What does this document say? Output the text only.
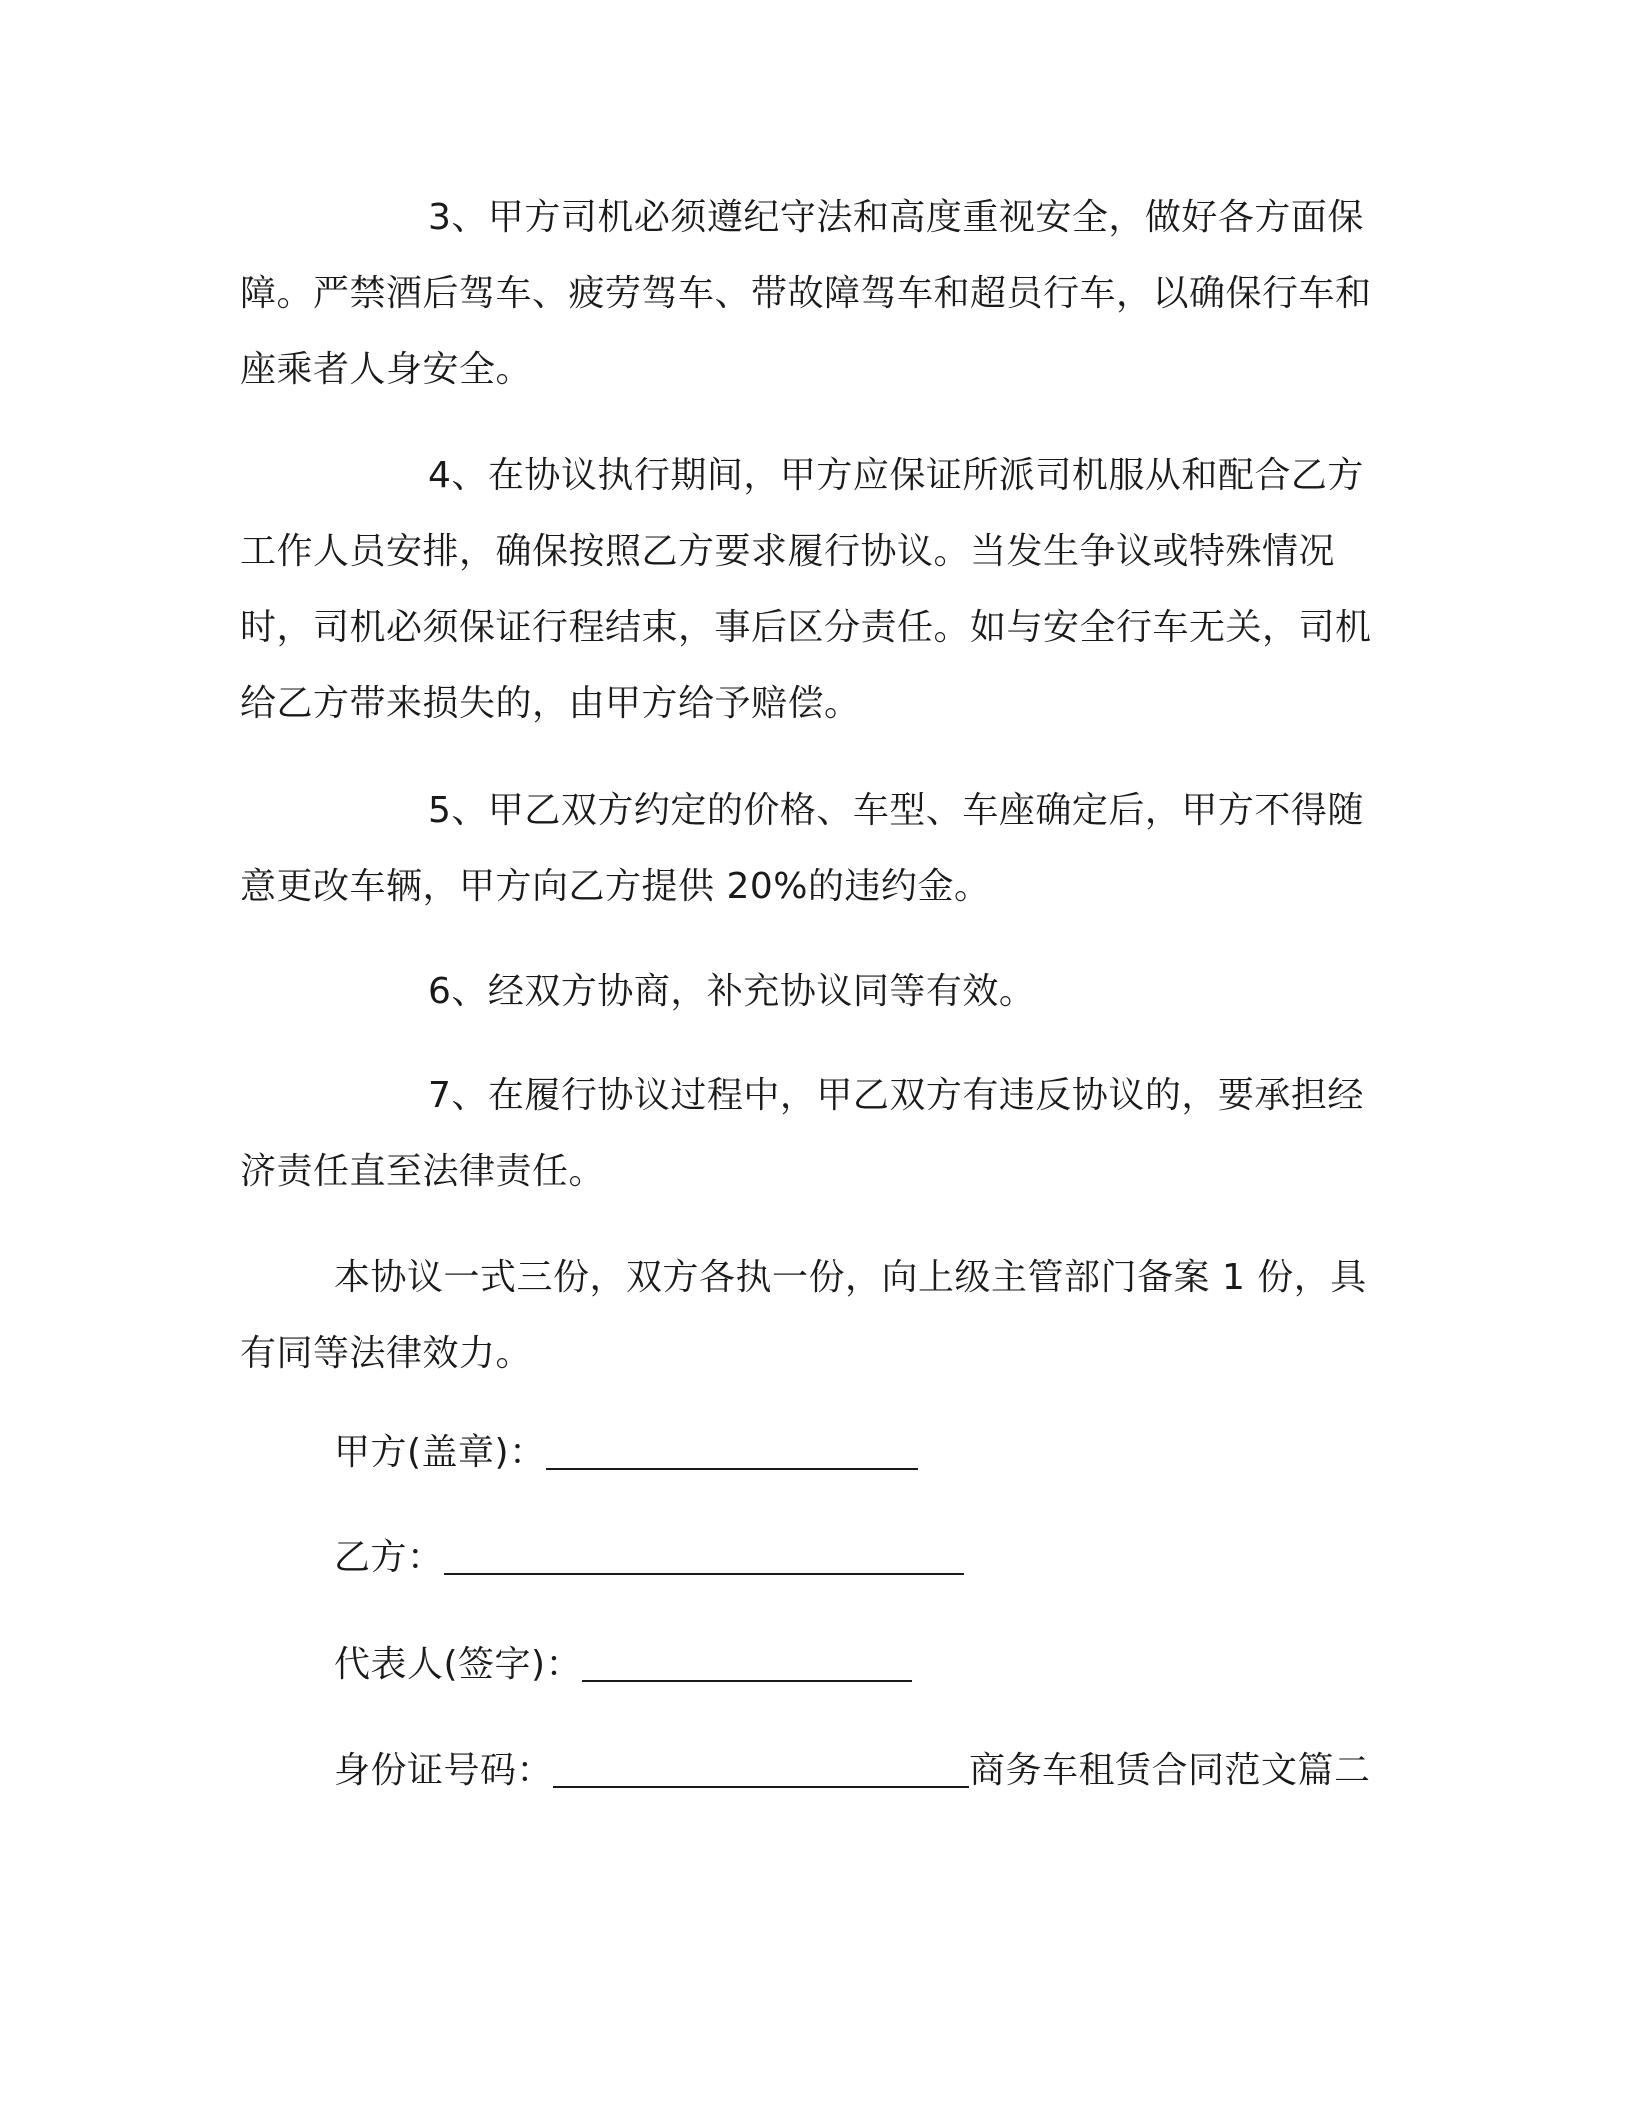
3、甲方司机必须遵纪守法和高度重视安全，做好各方面保障。严禁酒后驾车、疲劳驾车、带故障驾车和超员行车，以确保行车和座乘者人身安全。

4、在协议执行期间，甲方应保证所派司机服从和配合乙方工作人员安排，确保按照乙方要求履行协议。当发生争议或特殊情况时，司机必须保证行程结束，事后区分责任。如与安全行车无关，司机给乙方带来损失的，由甲方给予赔偿。

5、甲乙双方约定的价格、车型、车座确定后，甲方不得随意更改车辆，甲方向乙方提供 20%的违约金。

6、经双方协商，补充协议同等有效。

7、在履行协议过程中，甲乙双方有违反协议的，要承担经济责任直至法律责任。

本协议一式三份，双方各执一份，向上级主管部门备案 1 份，具有同等法律效力。

甲方(盖章)：

乙方：

代表人(签字)：

身份证号码：	商务车租赁合同范文篇二
